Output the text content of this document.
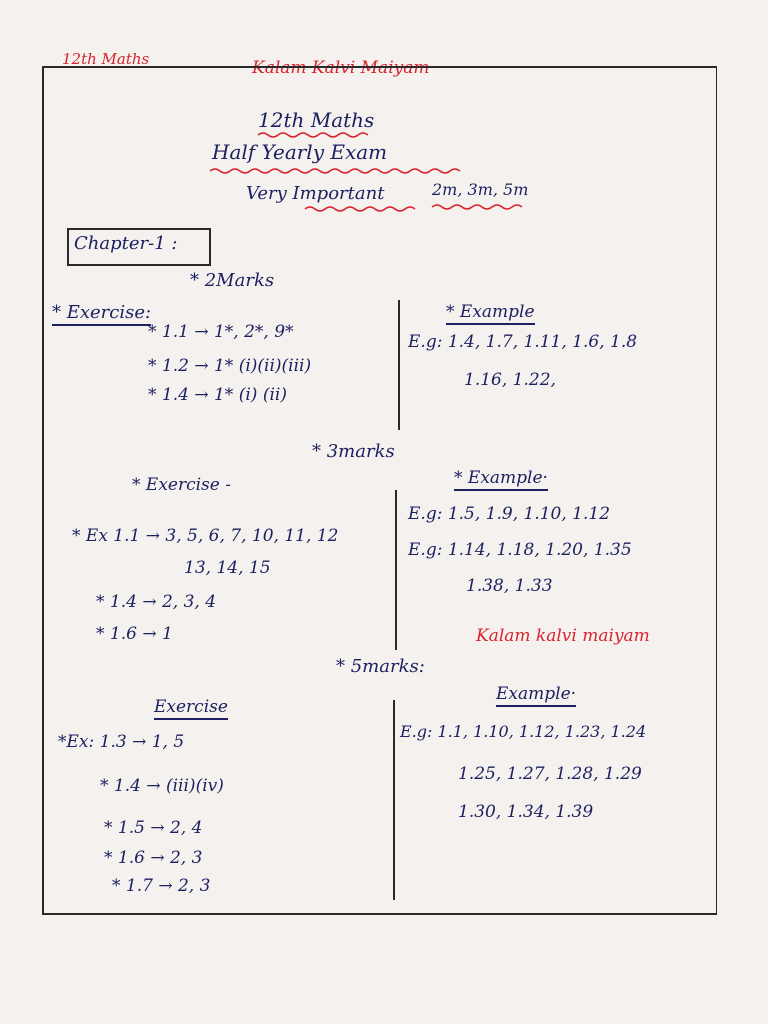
12th Maths	Kalam Kalvi Maiyam
12th Maths
Half Yearly Exam
Very Important	2m, 3m, 5m
Chapter-1 :
* 2Marks
* Exercise:
* 1.1 → 1*, 2*, 9*
* 1.2 → 1* (i)(ii)(iii)
* 1.4 → 1* (i) (ii)
* Example
E.g: 1.4, 1.7, 1.11, 1.6, 1.8
1.16, 1.22,
* 3marks
* Exercise -
* Ex 1.1 → 3, 5, 6, 7, 10, 11, 12
13, 14, 15
* 1.4 → 2, 3, 4
* 1.6 → 1
* Example·
E.g: 1.5, 1.9, 1.10, 1.12
E.g: 1.14, 1.18, 1.20, 1.35
1.38, 1.33
Kalam kalvi maiyam
* 5marks:
Exercise
*Ex: 1.3 → 1, 5
* 1.4 → (iii)(iv)
* 1.5 → 2, 4
* 1.6 → 2, 3
* 1.7 → 2, 3
Example·
E.g: 1.1, 1.10, 1.12, 1.23, 1.24
1.25, 1.27, 1.28, 1.29
1.30, 1.34, 1.39
